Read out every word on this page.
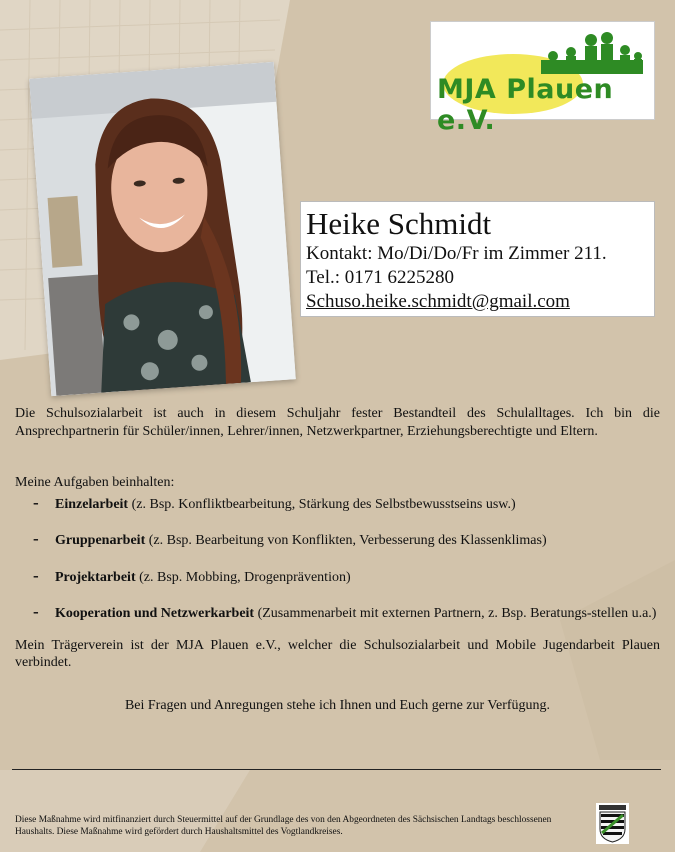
MJA Plauen e.V.
Heike Schmidt
Kontakt: Mo/Di/Do/Fr im Zimmer 211.
Tel.: 0171 6225280
Schuso.heike.schmidt@gmail.com

Die Schulsozialarbeit ist auch in diesem Schuljahr fester Bestandteil des Schulalltages. Ich bin die Ansprechpartnerin für Schüler/innen, Lehrer/innen, Netzwerkpartner, Erziehungsberechtigte und Eltern.

Meine Aufgaben beinhalten:

- Einzelarbeit (z. Bsp. Konfliktbearbeitung, Stärkung des Selbstbewusstseins usw.)
- Gruppenarbeit (z. Bsp. Bearbeitung von Konflikten, Verbesserung des Klassenklimas)
- Projektarbeit (z. Bsp. Mobbing, Drogenprävention)
- Kooperation und Netzwerkarbeit (Zusammenarbeit mit externen Partnern, z. Bsp. Beratungs-stellen u.a.)

Mein Trägerverein ist der MJA Plauen e.V., welcher die Schulsozialarbeit und Mobile Jugendarbeit Plauen verbindet.

Bei Fragen und Anregungen stehe ich Ihnen und Euch gerne zur Verfügung.

Diese Maßnahme wird mitfinanziert durch Steuermittel auf der Grundlage des von den Abgeordneten des Sächsischen Landtags beschlossenen Haushalts. Diese Maßnahme wird gefördert durch Haushaltsmittel des Vogtlandkreises.
